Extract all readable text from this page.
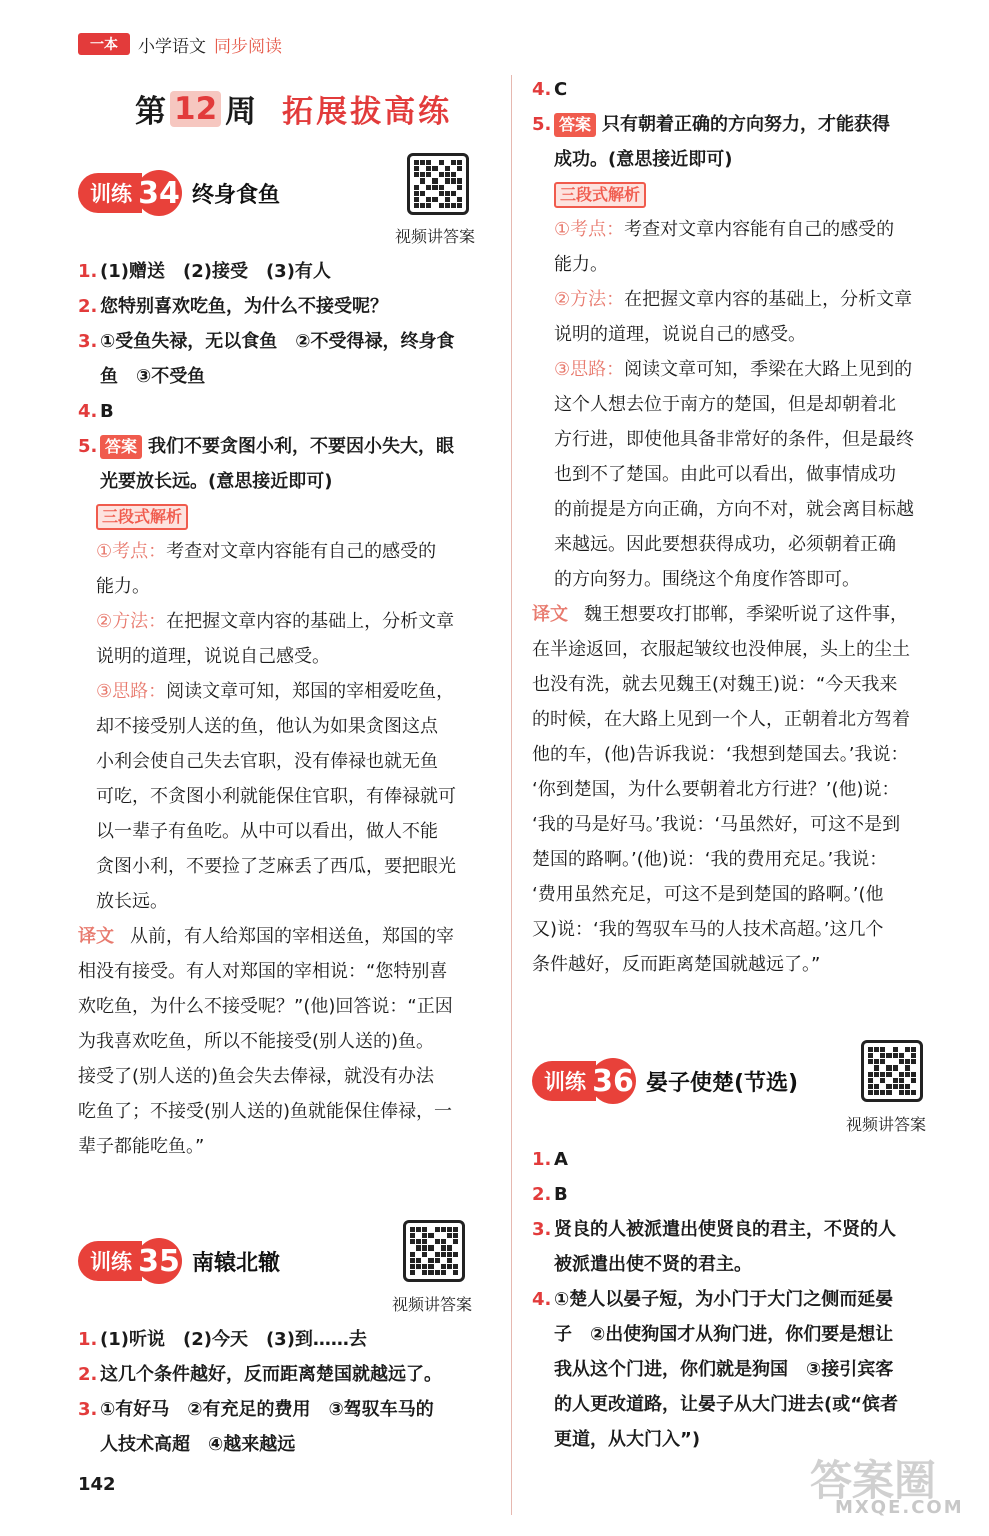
一本	小学语文 同步阅读
第 12 周 拓展拔高练
训练 34 终身食鱼
视频讲答案
1. (1)赠送　(2)接受　(3)有人
2. 您特别喜欢吃鱼，为什么不接受呢？
3. ①受鱼失禄，无以食鱼　②不受得禄，终身食
鱼　③不受鱼
4. B
5. 答案 我们不要贪图小利，不要因小失大，眼
光要放长远。(意思接近即可)
三段式解析
①考点：考查对文章内容能有自己的感受的
能力。
②方法：在把握文章内容的基础上，分析文章
说明的道理，说说自己感受。
③思路：阅读文章可知，郑国的宰相爱吃鱼，
却不接受别人送的鱼，他认为如果贪图这点
小利会使自己失去官职，没有俸禄也就无鱼
可吃，不贪图小利就能保住官职，有俸禄就可
以一辈子有鱼吃。从中可以看出，做人不能
贪图小利，不要捡了芝麻丢了西瓜，要把眼光
放长远。
译文 从前，有人给郑国的宰相送鱼，郑国的宰
相没有接受。有人对郑国的宰相说：“您特别喜
欢吃鱼，为什么不接受呢？”(他)回答说：“正因
为我喜欢吃鱼，所以不能接受(别人送的)鱼。
接受了(别人送的)鱼会失去俸禄，就没有办法
吃鱼了；不接受(别人送的)鱼就能保住俸禄，一
辈子都能吃鱼。”
训练 35 南辕北辙
视频讲答案
1. (1)听说　(2)今天　(3)到……去
2. 这几个条件越好，反而距离楚国就越远了。
3. ①有好马　②有充足的费用　③驾驭车马的
人技术高超　④越来越远
142
4. C
5. 答案 只有朝着正确的方向努力，才能获得
成功。(意思接近即可)
三段式解析
①考点：考查对文章内容能有自己的感受的
能力。
②方法：在把握文章内容的基础上，分析文章
说明的道理，说说自己的感受。
③思路：阅读文章可知，季梁在大路上见到的
这个人想去位于南方的楚国，但是却朝着北
方行进，即使他具备非常好的条件，但是最终
也到不了楚国。由此可以看出，做事情成功
的前提是方向正确，方向不对，就会离目标越
来越远。因此要想获得成功，必须朝着正确
的方向努力。围绕这个角度作答即可。
译文 魏王想要攻打邯郸，季梁听说了这件事，
在半途返回，衣服起皱纹也没伸展，头上的尘土
也没有洗，就去见魏王(对魏王)说：“今天我来
的时候，在大路上见到一个人，正朝着北方驾着
他的车，(他)告诉我说：‘我想到楚国去。’我说：
‘你到楚国，为什么要朝着北方行进？’(他)说：
‘我的马是好马。’我说：‘马虽然好，可这不是到
楚国的路啊。’(他)说：‘我的费用充足。’我说：
‘费用虽然充足，可这不是到楚国的路啊。’(他
又)说：‘我的驾驭车马的人技术高超。’这几个
条件越好，反而距离楚国就越远了。”
训练 36 晏子使楚(节选)
视频讲答案
1. A
2. B
3. 贤良的人被派遣出使贤良的君主，不贤的人
被派遣出使不贤的君主。
4. ①楚人以晏子短，为小门于大门之侧而延晏
子　②出使狗国才从狗门进，你们要是想让
我从这个门进，你们就是狗国　③接引宾客
的人更改道路，让晏子从大门进去(或“傧者
更道，从大门入”)
答案圈
MXQE.COM
